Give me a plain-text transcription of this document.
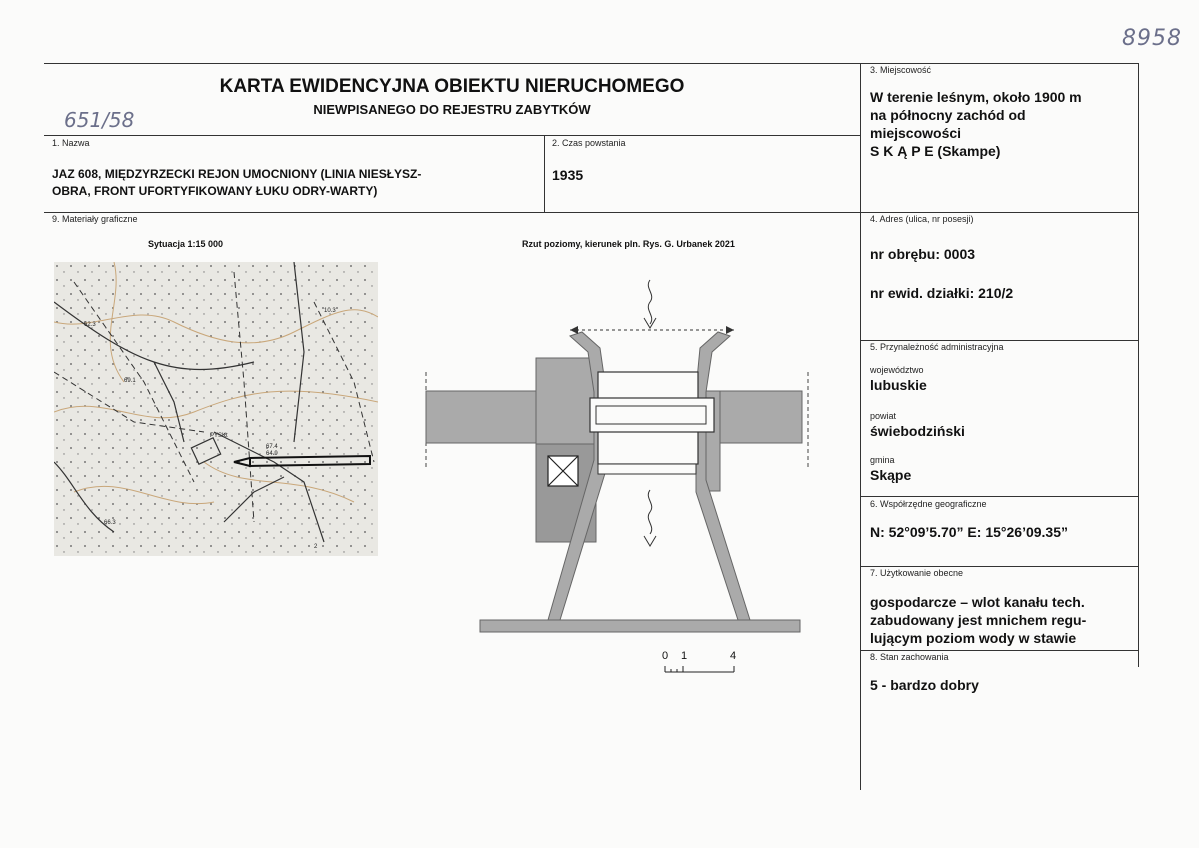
8958
651/58
KARTA EWIDENCYJNA OBIEKTU NIERUCHOMEGO
NIEWPISANEGO DO REJESTRU ZABYTKÓW
1. Nazwa
JAZ 608, MIĘDZYRZECKI REJON UMOCNIONY (LINIA NIESŁYSZ-
OBRA, FRONT UFORTYFIKOWANY ŁUKU ODRY-WARTY)
2. Czas powstania
1935
3. Miejscowość
W terenie leśnym, około 1900 m
na północny zachód od
miejscowości
S K Ą P E (Skampe)
4. Adres (ulica, nr posesji)
nr obrębu: 0003
nr ewid. działki: 210/2
5. Przynależność administracyjna
województwo
lubuskie
powiat
świebodziński
gmina
Skąpe
6. Współrzędne geograficzne
N: 52°09’5.70” E: 15°26’09.35”
7. Użytkowanie obecne
gospodarcze – wlot kanału tech.
zabudowany jest mnichem regu-
lującym poziom wody w stawie
8. Stan zachowania
5 - bardzo dobry
9. Materiały graficzne
Sytuacja 1:15 000	Rzut poziomy, kierunek pln. Rys. G. Urbanek 2021
62.3
69.1
PYSKt
67.4
64.9
66.3
2
10.3
0 1	4
